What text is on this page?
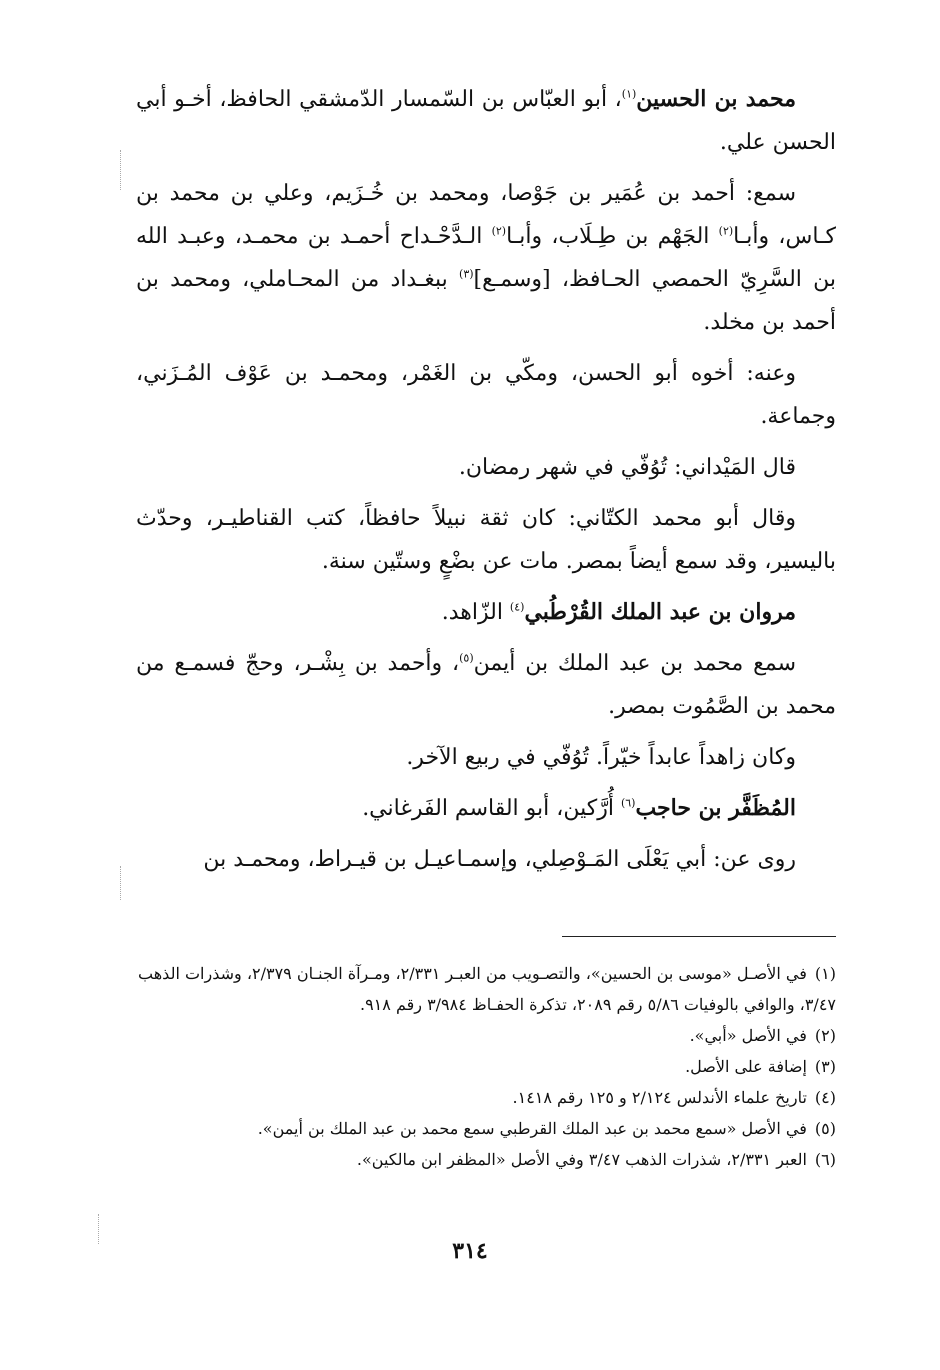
محمد بن الحسين$^{(١)}$، أبو العبّاس بن السّمسار الدّمشقي الحافظ، أخـو أبي الحسن علي.

سمع: أحمد بن عُمَير بن جَوْصا، ومحمد بن خُـزَيم، وعلي بن محمد بن كـاس، وأبـا$^{(٢)}$ الجَهْم بن طِـلَاب، وأبـا$^{(٢)}$ الـدَّحْـداح أحمـد بن محمـد، وعبـد الله بن السَّرِيّ الحمصي الحـافظ، [وسمـع]$^{(٣)}$ ببغـداد من المحـاملي، ومحمد بن أحمد بن مخلد.

وعنه: أخوه أبو الحسن، ومكّي بن الغَمْر، ومحمـد بن عَوْف المُـزَني، وجماعة.

قال المَيْداني: تُوُفّي في شهر رمضان.

وقال أبو محمد الكتّاني: كان ثقة نبيلاً حافظاً، كتب القناطيـر، وحدّث باليسير، وقد سمع أيضاً بمصر. مات عن بضْعٍ وستّين سنة.

مروان بن عبد الملك القُرْطُبي$^{(٤)}$ الزّاهد.

سمع محمد بن عبد الملك بن أيمن$^{(٥)}$، وأحمد بن بِشْـر، وحجّ فسمـع من محمد بن الصَّمُوت بمصر.

وكان زاهداً عابداً خيّراً. تُوُفّي في ربيع الآخر.

المُظَفَّر بن حاجب$^{(٦)}$ أُرَّكين، أبو القاسم الفَرغاني.

روى عن: أبي يَعْلَى المَـوْصِلي، وإسمـاعيـل بن قيـراط، ومحمـد بن

(١)في الأصـل «موسى بن الحسين»، والتصـويب من العبـر ٢/٣٣١، ومـرآة الجنـان ٢/٣٧٩، وشذرات الذهب ٣/٤٧، والوافي بالوفيات ٥/٨٦ رقم ٢٠٨٩، تذكرة الحفـاظ ٣/٩٨٤ رقم ٩١٨.

(٢)في الأصل «أبي».

(٣)إضافة على الأصل.

(٤)تاريخ علماء الأندلس ٢/١٢٤ و ١٢٥ رقم ١٤١٨.

(٥)في الأصل «سمع محمد بن عبد الملك القرطبي سمع محمد بن عبد الملك بن أيمن».

(٦)العبر ٢/٣٣١، شذرات الذهب ٣/٤٧ وفي الأصل «المظفر ابن مالكين».

٣١٤
